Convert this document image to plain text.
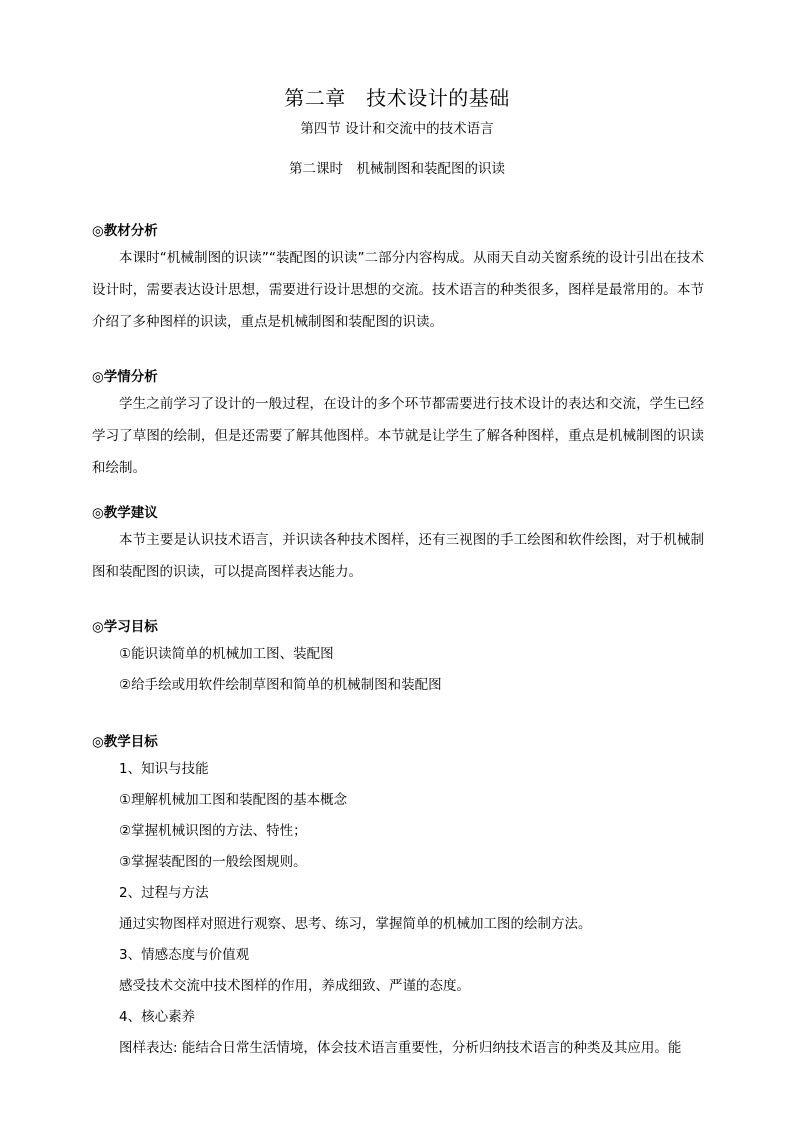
第二章　技术设计的基础
第四节 设计和交流中的技术语言
第二课时　机械制图和装配图的识读
◎教材分析

本课时“机械制图的识读”“装配图的识读”二部分内容构成。从雨天自动关窗系统的设计引出在技术设计时，需要表达设计思想，需要进行设计思想的交流。技术语言的种类很多，图样是最常用的。本节介绍了多种图样的识读，重点是机械制图和装配图的识读。

◎学情分析

学生之前学习了设计的一般过程，在设计的多个环节都需要进行技术设计的表达和交流，学生已经学习了草图的绘制，但是还需要了解其他图样。本节就是让学生了解各种图样，重点是机械制图的识读和绘制。

◎教学建议

本节主要是认识技术语言，并识读各种技术图样，还有三视图的手工绘图和软件绘图，对于机械制图和装配图的识读，可以提高图样表达能力。

◎学习目标
①能识读简单的机械加工图、装配图
②给手绘或用软件绘制草图和简单的机械制图和装配图
◎教学目标
1、知识与技能
①理解机械加工图和装配图的基本概念
②掌握机械识图的方法、特性；
③掌握装配图的一般绘图规则。
2、过程与方法
通过实物图样对照进行观察、思考、练习，掌握简单的机械加工图的绘制方法。
3、情感态度与价值观
感受技术交流中技术图样的作用，养成细致、严谨的态度。
4、核心素养
图样表达: 能结合日常生活情境，体会技术语言重要性，分析归纳技术语言的种类及其应用。能
